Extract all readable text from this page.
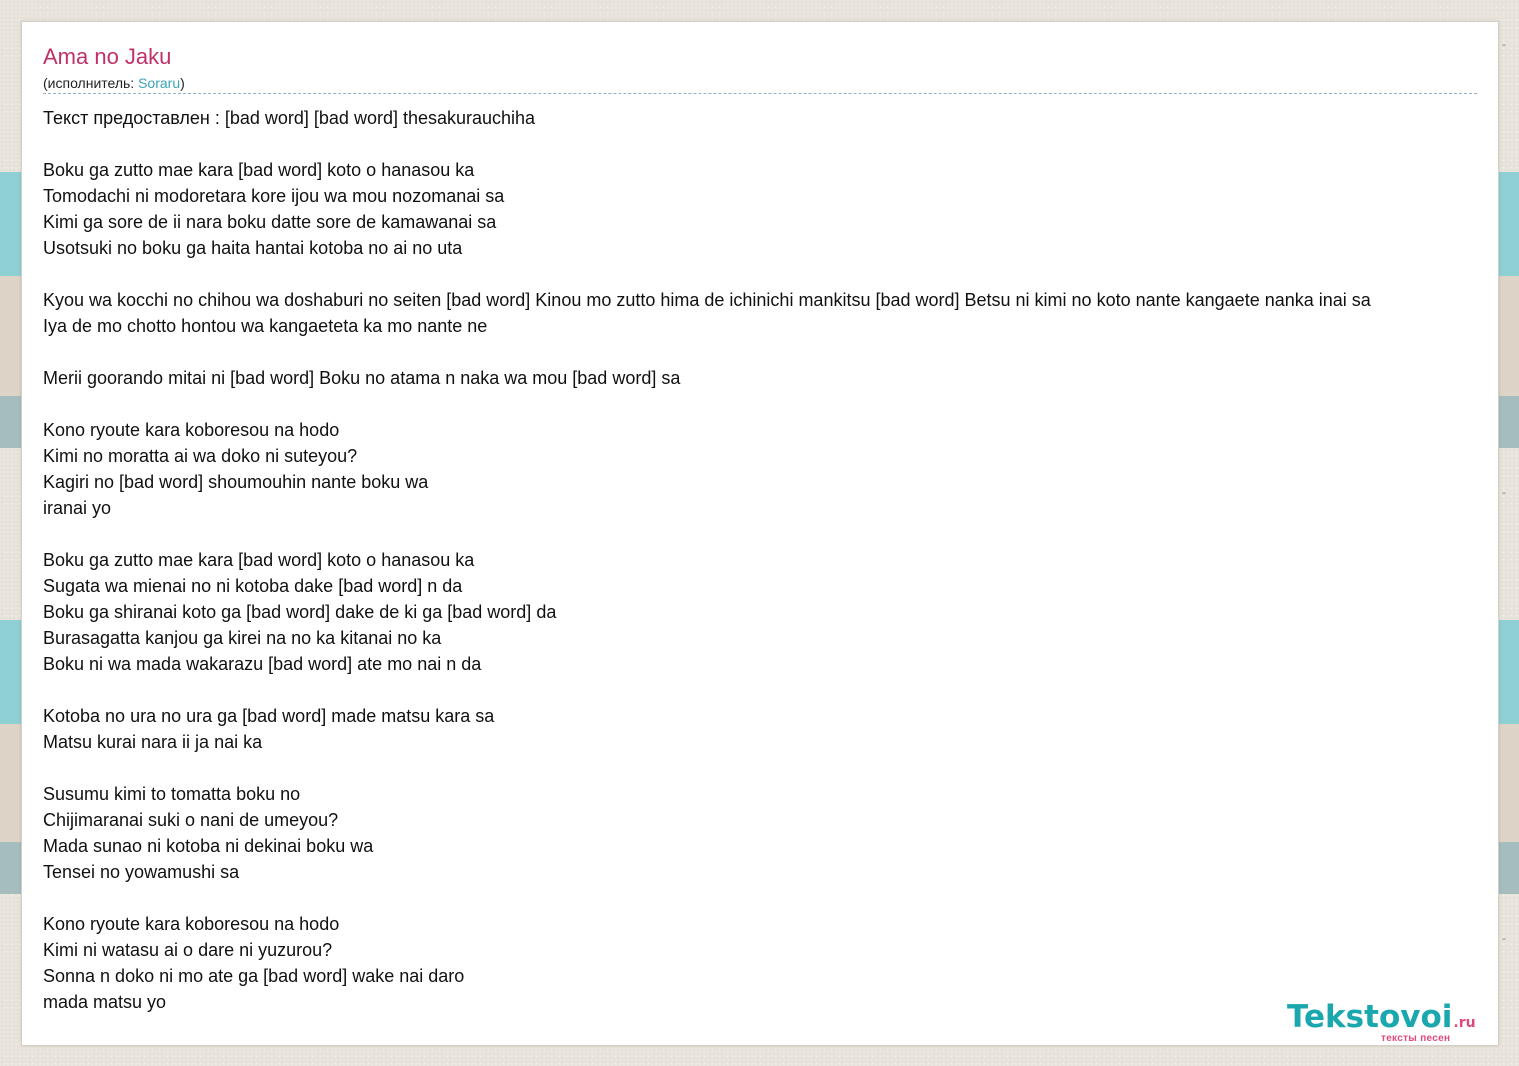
-
-
-
Ama no Jaku
(исполнитель: Soraru)
Текст предоставлен : [bad word] [bad word] thesakurauchiha
Boku ga zutto mae kara [bad word] koto o hanasou ka
Tomodachi ni modoretara kore ijou wa mou nozomanai sa
Kimi ga sore de ii nara boku datte sore de kamawanai sa
Usotsuki no boku ga haita hantai kotoba no ai no uta
Kyou wa kocchi no chihou wa doshaburi no seiten [bad word] Kinou mo zutto hima de ichinichi mankitsu [bad word] Betsu ni kimi no koto nante kangaete nanka inai sa
Iya de mo chotto hontou wa kangaeteta ka mo nante ne
Merii goorando mitai ni [bad word] Boku no atama n naka wa mou [bad word] sa
Kono ryoute kara koboresou na hodo
Kimi no moratta ai wa doko ni suteyou?
Kagiri no [bad word] shoumouhin nante boku wa
iranai yo
Boku ga zutto mae kara [bad word] koto o hanasou ka
Sugata wa mienai no ni kotoba dake [bad word] n da
Boku ga shiranai koto ga [bad word] dake de ki ga [bad word] da
Burasagatta kanjou ga kirei na no ka kitanai no ka
Boku ni wa mada wakarazu [bad word] ate mo nai n da
Kotoba no ura no ura ga [bad word] made matsu kara sa
Matsu kurai nara ii ja nai ka
Susumu kimi to tomatta boku no
Chijimaranai suki o nani de umeyou?
Mada sunao ni kotoba ni dekinai boku wa
Tensei no yowamushi sa
Kono ryoute kara koboresou na hodo
Kimi ni watasu ai o dare ni yuzurou?
Sonna n doko ni mo ate ga [bad word] wake nai daro
mada matsu yo	Tekstovoi.ru
тексты песен
